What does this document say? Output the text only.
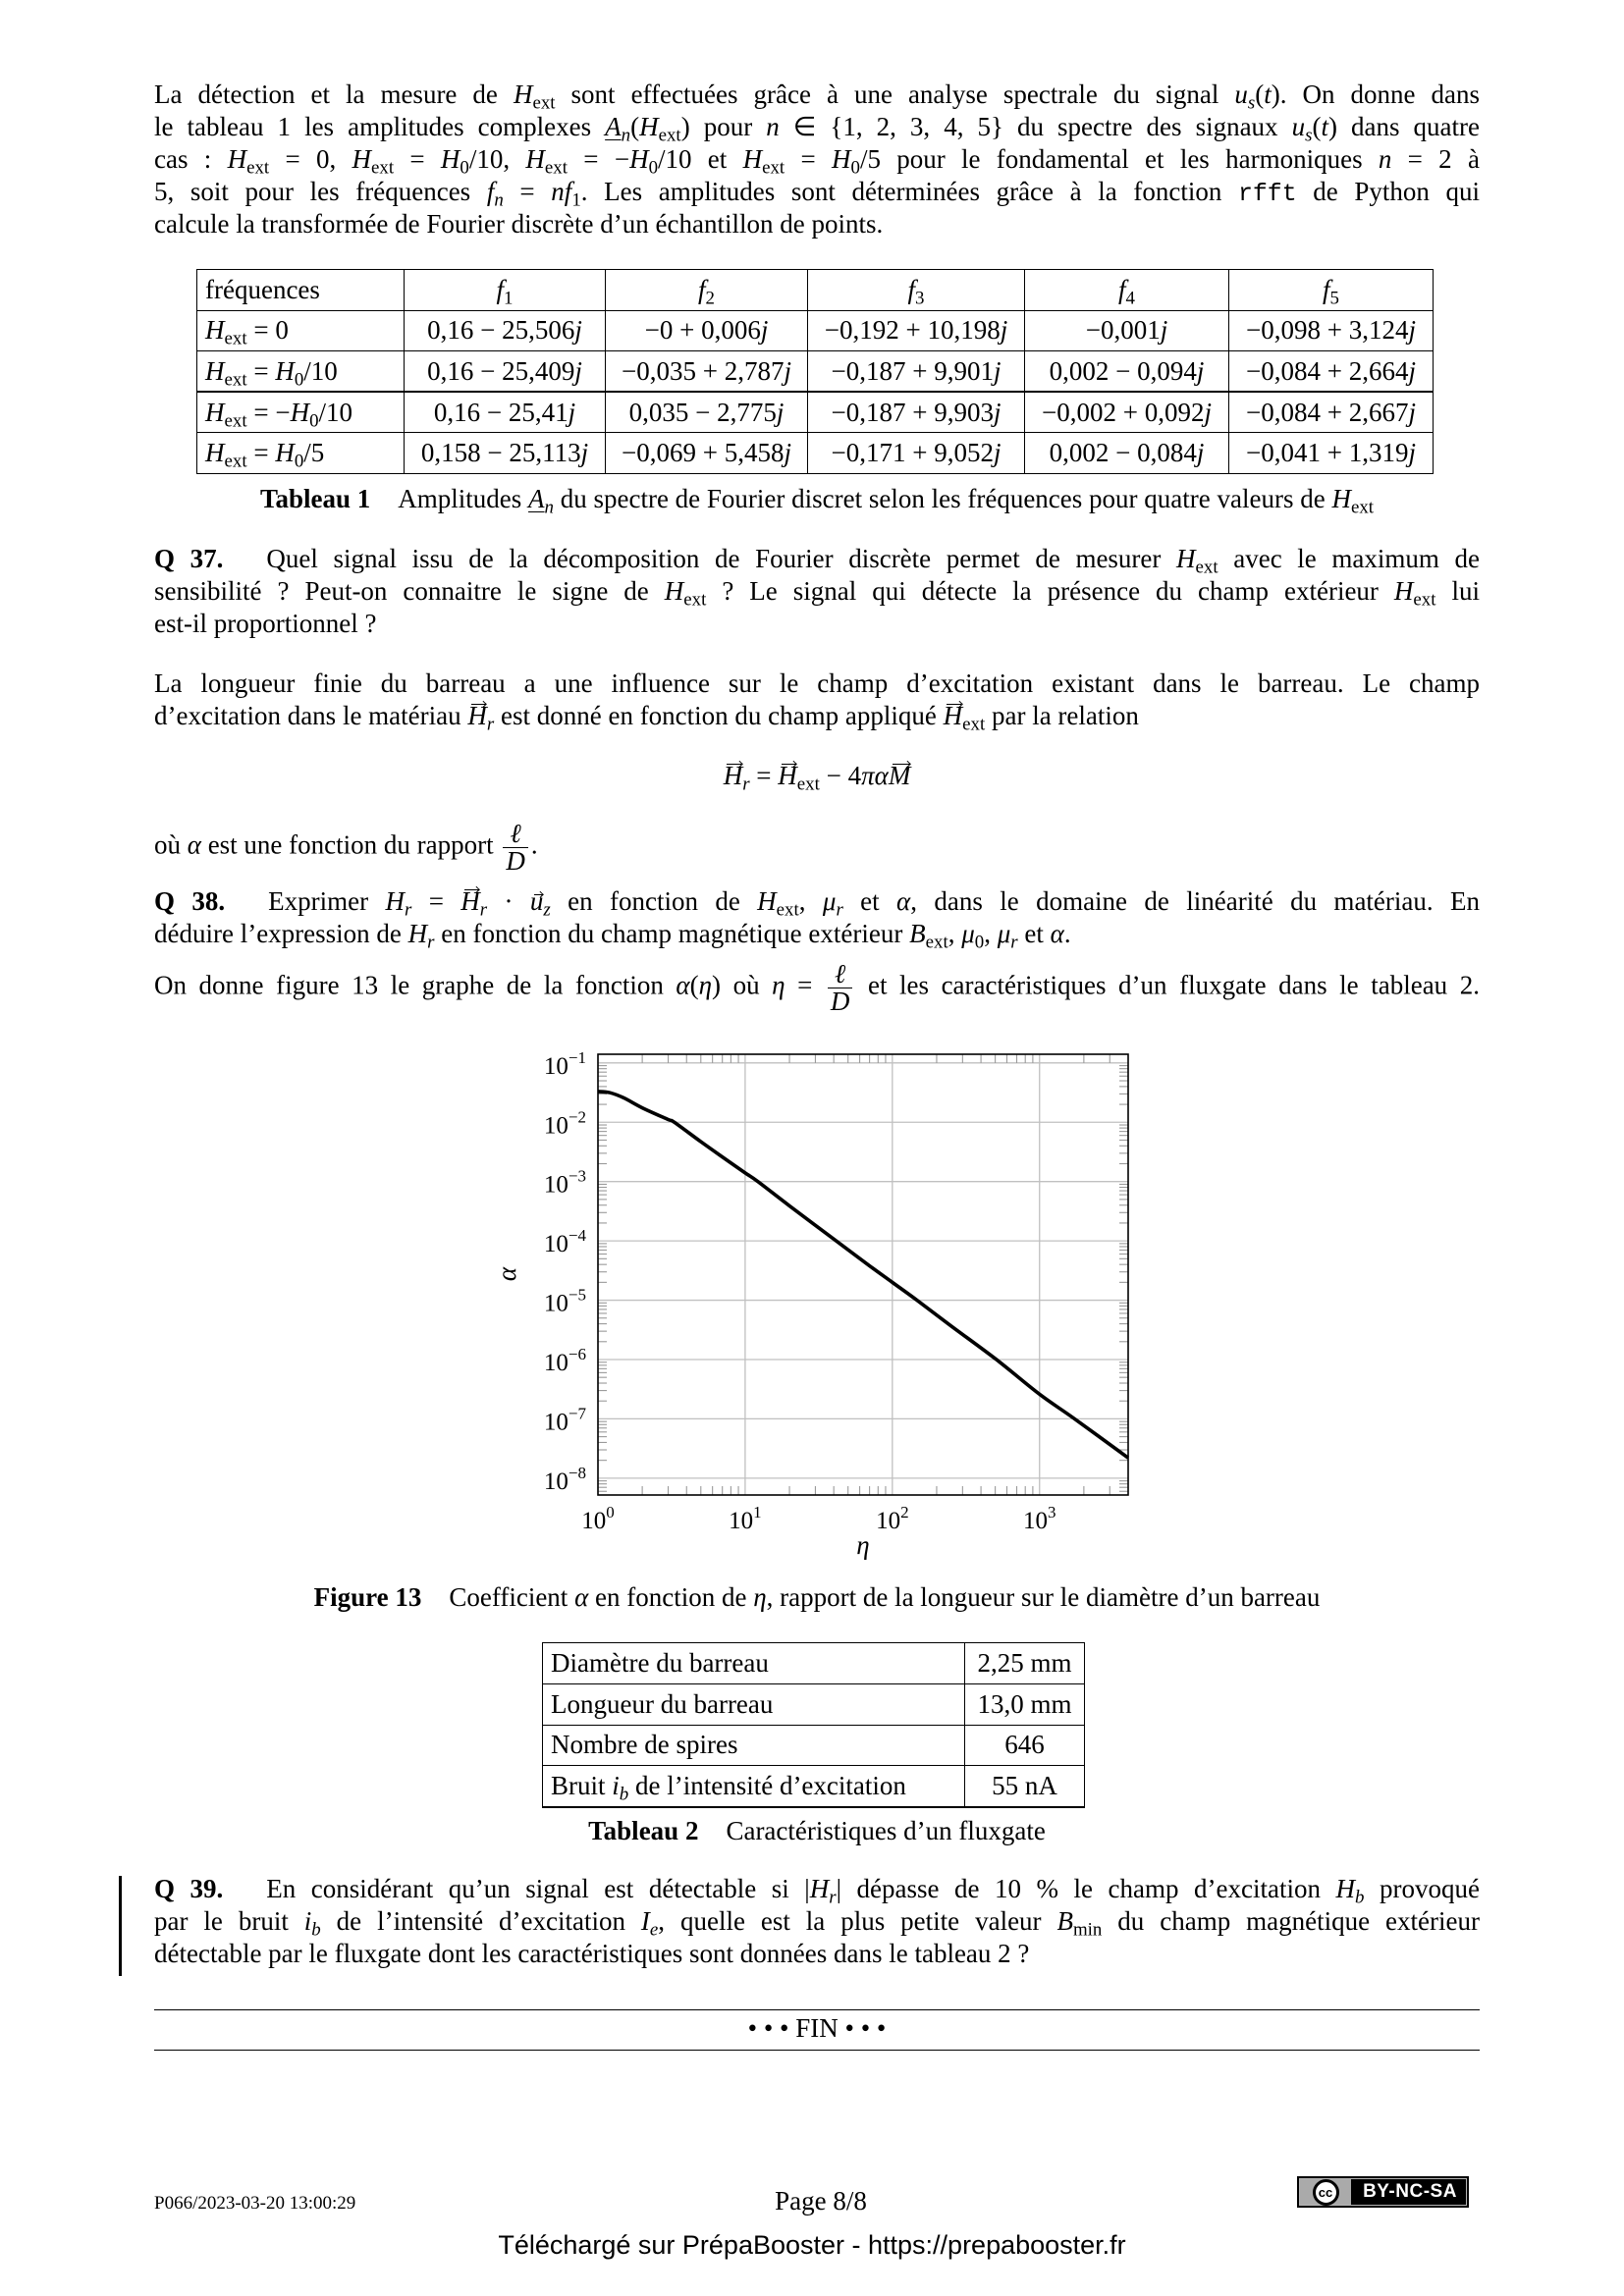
La détection et la mesure de $H_{ext}$ sont effectuées grâce à une analyse spectrale du signal $u_s(t)$. On donne dans
le tableau 1 les amplitudes complexes $A_n(H_{ext})$ pour n ∈ {1, 2, 3, 4, 5} du spectre des signaux $u_s(t)$ dans quatre
cas : $H_{ext} = 0$, $H_{ext} = H_0/10$, $H_{ext} = -H_0/10$ et $H_{ext} = H_0/5$ pour le fondamental et les harmoniques n = 2 à
5, soit pour les fréquences $f_n = nf_1$. Les amplitudes sont déterminées grâce à la fonction rfft de Python qui
calcule la transformée de Fourier discrète d’un échantillon de points.
fréquences	$f_1$	$f_2$	$f_3$	$f_4$	$f_5$
$H_{ext} = 0$	0,16 − 25,506j	−0 + 0,006j	−0,192 + 10,198j	−0,001j	−0,098 + 3,124j
$H_{ext} = H_0/10$	0,16 − 25,409j	−0,035 + 2,787j	−0,187 + 9,901j	0,002 − 0,094j	−0,084 + 2,664j
$H_{ext} = -H_0/10$	0,16 − 25,41j	0,035 − 2,775j	−0,187 + 9,903j	−0,002 + 0,092j	−0,084 + 2,667j
$H_{ext} = H_0/5$	0,158 − 25,113j	−0,069 + 5,458j	−0,171 + 9,052j	0,002 − 0,084j	−0,041 + 1,319j
Tableau 1 Amplitudes $A_n$ du spectre de Fourier discret selon les fréquences pour quatre valeurs de $H_{ext}$
Q 37. Quel signal issu de la décomposition de Fourier discrète permet de mesurer $H_{ext}$ avec le maximum de
sensibilité ? Peut-on connaitre le signe de $H_{ext}$ ? Le signal qui détecte la présence du champ extérieur $H_{ext}$ lui
est-il proportionnel ?
La longueur finie du barreau a une influence sur le champ d’excitation existant dans le barreau. Le champ
d’excitation dans le matériau $H_r$ est donné en fonction du champ appliqué $H_{ext}$ par la relation
$H_r = H_{ext} - 4\pi\alpha M$
où α est une fonction du rapport $\frac{\text{ℓ}}{D}$ .
Q 38. Exprimer $H_r = H_r \cdot u_z$ en fonction de $H_{ext}$, $\mu_r$ et α, dans le domaine de linéarité du matériau. En
déduire l’expression de $H_r$ en fonction du champ magnétique extérieur $B_{ext}$, $\mu_0$, $\mu_r$ et α.
On donne figure 13 le graphe de la fonction α(η) où $\eta = \frac{\text{ℓ}}{D}$ et les caractéristiques d’un fluxgate dans le tableau 2.
$10^{-1}$
$10^{-2}$
$10^{-3}$
$10^{-4}$
$10^{-5}$
$10^{-6}$
$10^{-7}$
$10^{-8}$
$10^0$	$10^1$	$10^2$	$10^3$
α
η
Figure 13 Coefficient α en fonction de η, rapport de la longueur sur le diamètre d’un barreau
Diamètre du barreau	2,25 mm
Longueur du barreau	13,0 mm
Nombre de spires	646
Bruit $i_b$ de l’intensité d’excitation	55 nA
Tableau 2 Caractéristiques d’un fluxgate
Q 39. En considérant qu’un signal est détectable si $|H_r|$ dépasse de 10 % le champ d’excitation $H_b$ provoqué
par le bruit $i_b$ de l’intensité d’excitation $I_e$, quelle est la plus petite valeur $B_{min}$ du champ magnétique extérieur
détectable par le fluxgate dont les caractéristiques sont données dans le tableau 2 ?
• • • FIN • • •
P066/2023-03-20 13:00:29	Page 8/8	cc	BY-NC-SA
Téléchargé sur PrépaBooster - https://prepabooster.fr
